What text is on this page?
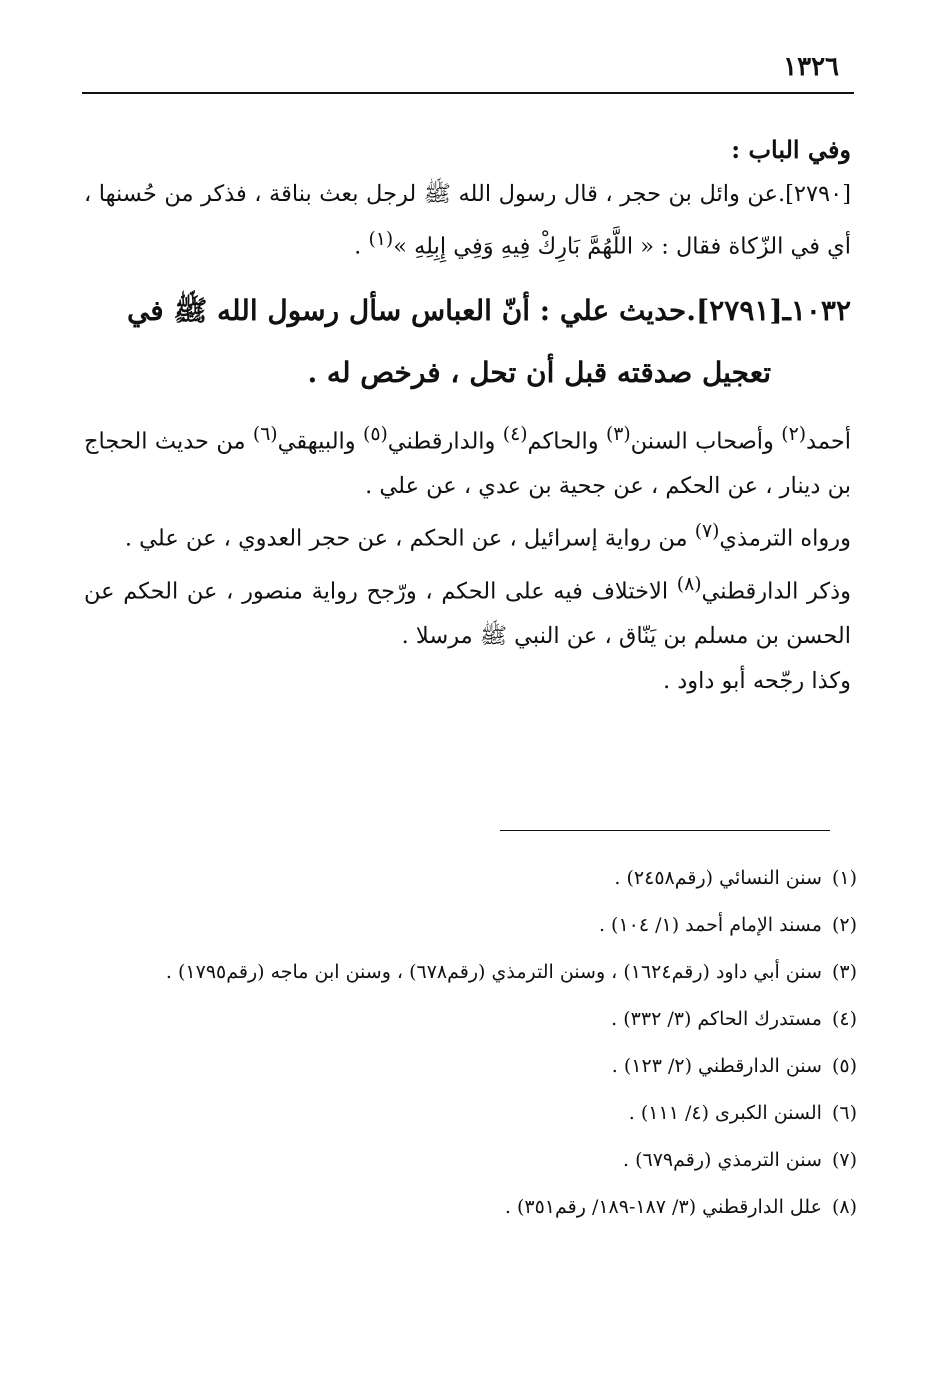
١٣٢٦
وفي الباب :

[٢٧٩٠].عن وائل بن حجر ، قال رسول الله ﷺ لرجل بعث بناقة ، فذكر من حُسنها ، أي في الزّكاة فقال : « اللَّهُمَّ بَارِكْ فِيهِ وَفِي إِبِلِهِ »$^{(١)}$ .

١٠٣٢ـ[٢٧٩١].حديث علي : أنّ العباس سأل رسول الله ﷺ في
تعجيل صدقته قبل أن تحل ، فرخص له .

أحمد$^{(٢)}$ وأصحاب السنن$^{(٣)}$ والحاكم$^{(٤)}$ والدارقطني$^{(٥)}$ والبيهقي$^{(٦)}$ من حديث الحجاج بن دينار ، عن الحكم ، عن جحية بن عدي ، عن علي .

ورواه الترمذي$^{(٧)}$ من رواية إسرائيل ، عن الحكم ، عن حجر العدوي ، عن علي .

وذكر الدارقطني$^{(٨)}$ الاختلاف فيه على الحكم ، ورّجح رواية منصور ، عن الحكم عن الحسن بن مسلم بن يَنّاق ، عن النبي ﷺ مرسلا .

وكذا رجّحه أبو داود .

(١)سنن النسائي (رقم٢٤٥٨) .
(٢)مسند الإمام أحمد (١/ ١٠٤) .
(٣)سنن أبي داود (رقم١٦٢٤) ، وسنن الترمذي (رقم٦٧٨) ، وسنن ابن ماجه (رقم١٧٩٥) .
(٤)مستدرك الحاكم (٣/ ٣٣٢) .
(٥)سنن الدارقطني (٢/ ١٢٣) .
(٦)السنن الكبرى (٤/ ١١١) .
(٧)سنن الترمذي (رقم٦٧٩) .
(٨)علل الدارقطني (٣/ ١٨٧-١٨٩/ رقم٣٥١) .
